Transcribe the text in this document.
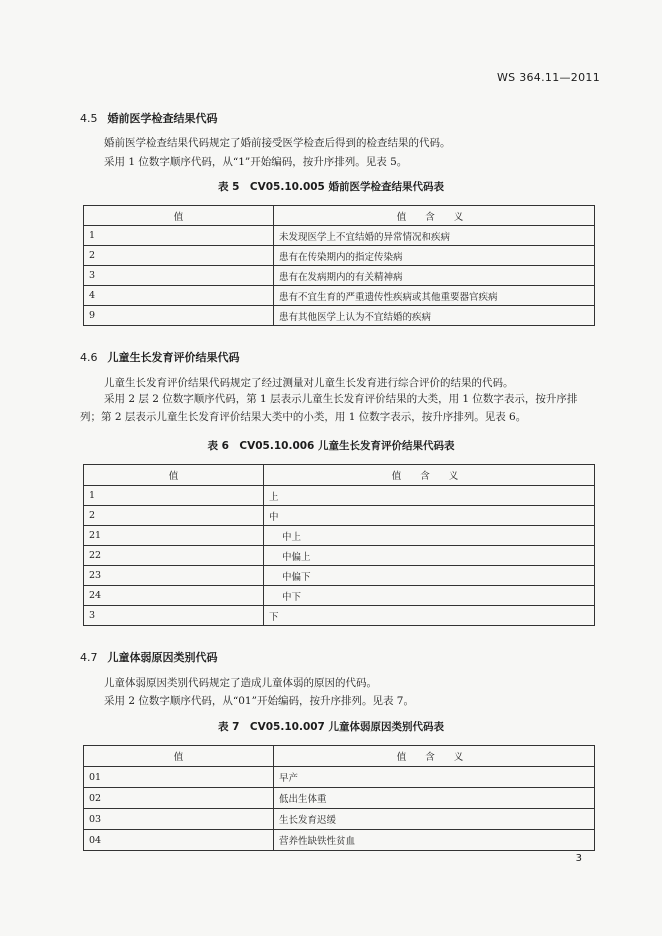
WS 364.11—2011
3
4.5 婚前医学检查结果代码
婚前医学检查结果代码规定了婚前接受医学检查后得到的检查结果的代码。
采用 1 位数字顺序代码，从“1”开始编码，按升序排列。见表 5。
表 5　CV05.10.005 婚前医学检查结果代码表
值	值 含 义
1	未发现医学上不宜结婚的异常情况和疾病
2	患有在传染期内的指定传染病
3	患有在发病期内的有关精神病
4	患有不宜生育的严重遗传性疾病或其他重要器官疾病
9	患有其他医学上认为不宜结婚的疾病
4.6 儿童生长发育评价结果代码
儿童生长发育评价结果代码规定了经过测量对儿童生长发育进行综合评价的结果的代码。
采用 2 层 2 位数字顺序代码，第 1 层表示儿童生长发育评价结果的大类，用 1 位数字表示，按升序排列；第 2 层表示儿童生长发育评价结果大类中的小类，用 1 位数字表示，按升序排列。见表 6。
表 6　CV05.10.006 儿童生长发育评价结果代码表
值	值 含 义
1	上
2	中
21	中上
22	中偏上
23	中偏下
24	中下
3	下
4.7 儿童体弱原因类别代码
儿童体弱原因类别代码规定了造成儿童体弱的原因的代码。
采用 2 位数字顺序代码，从“01”开始编码，按升序排列。见表 7。
表 7　CV05.10.007 儿童体弱原因类别代码表
值	值 含 义
01	早产
02	低出生体重
03	生长发育迟缓
04	营养性缺铁性贫血
